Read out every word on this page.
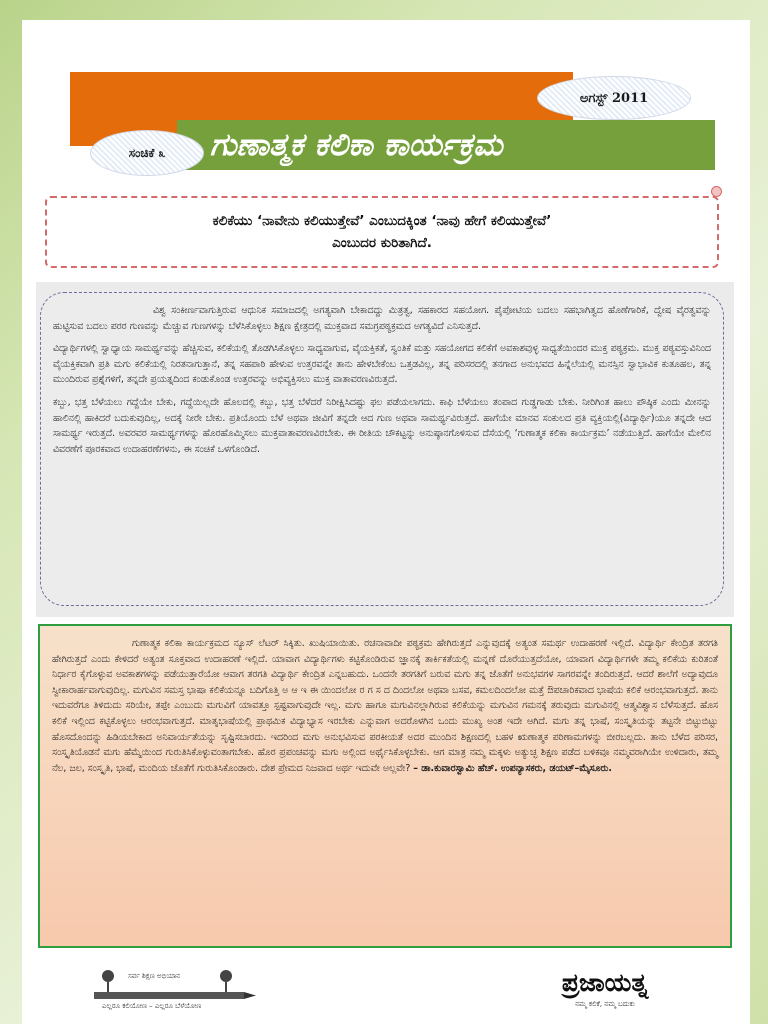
ಗುಣಾತ್ಮಕ ಕಲಿಕಾ ಕಾರ್ಯಕ್ರಮ
ಅಗಸ್ಟ್ 2011
ಸಂಚಿಕೆ ೩
ಕಲಿಕೆಯು ‘ನಾವೇನು ಕಲಿಯುತ್ತೇವೆ’ ಎಂಬುದಕ್ಕಿಂತ ‘ನಾವು ಹೇಗೆ ಕಲಿಯುತ್ತೇವೆ’
ಎಂಬುದರ ಕುರಿತಾಗಿದೆ.

ವಿಶ್ವ ಸಂಕೀರ್ಣವಾಗುತ್ತಿರುವ ಆಧುನಿಕ ಸಮಾಜದಲ್ಲಿ ಅಗತ್ಯವಾಗಿ ಬೇಕಾದದ್ದು ಮಿತ್ರತ್ವ, ಸಹಕಾರದ ಸಹಯೋಗ. ಪೈಪೋಟಿಯ ಬದಲು ಸಹಭಾಗಿತ್ವದ ಹೊಣೆಗಾರಿಕೆ, ದ್ವೇಷ ವೈರತ್ವವನ್ನು ಹುಟ್ಟಿಸುವ ಬದಲು ಪರರ ಗುಣವನ್ನು ಮೆಚ್ಚುವ ಗುಣಗಳನ್ನು ಬೆಳೆಸಿಕೊಳ್ಳಲು ಶಿಕ್ಷಣ ಕ್ಷೇತ್ರದಲ್ಲಿ ಮುಕ್ತವಾದ ಸಮಗ್ರಪಠ್ಯಕ್ರಮದ ಅಗತ್ಯವಿದೆ ಎನಿಸುತ್ತದೆ.

ವಿದ್ಯಾರ್ಥಿಗಳಲ್ಲಿ ಸ್ವಾಧ್ಯಾಯ ಸಾಮರ್ಥ್ಯವನ್ನು ಹೆಚ್ಚಿಸುವ, ಕಲಿಕೆಯಲ್ಲಿ ತೊಡಗಿಸಿಕೊಳ್ಳಲು ಸಾಧ್ಯವಾಗುವ, ವೈಯಕ್ತಿಕತೆ, ಸ್ವಂತಿಕೆ ಮತ್ತು ಸಹಯೋಗದ ಕಲಿಕೆಗೆ ಅವಕಾಶವುಳ್ಳ ಸಾಧ್ಯತೆಯಿಂದರ ಮುಕ್ತ ಪಠ್ಯಕ್ರಮ. ಮುಕ್ತ ಪಠ್ಯವಸ್ತುವಿನಿಂದ ವೈಯಕ್ತಿಕವಾಗಿ ಪ್ರತಿ ಮಗು ಕಲಿಕೆಯಲ್ಲಿ ನಿರತನಾಗುತ್ತಾನೆ, ತನ್ನ ಸಹಪಾಠಿ ಹೇಳುವ ಉತ್ತರವನ್ನೇ ತಾನು ಹೇಳಬೇಕೆಂಬ ಒತ್ತಡವಿಲ್ಲ, ತನ್ನ ಪರಿಸರದಲ್ಲಿ ತನಗಾದ ಅನುಭವದ ಹಿನ್ನೆಲೆಯಲ್ಲಿ ಮನಸ್ಸಿನ ಸ್ವಾಭಾವಿಕ ಕುತೂಹಲ, ತನ್ನ ಮುಂದಿರುವ ಪ್ರಶ್ನೆಗಳಿಗೆ, ತನ್ನದೇ ಪ್ರಯತ್ನದಿಂದ ಕಂಡುಕೊಂಡ ಉತ್ತರವನ್ನು ಅಭಿವ್ಯಕ್ತಿಸಲು ಮುಕ್ತ ವಾತಾವರಣವಿರುತ್ತದೆ.

ಕಬ್ಬು, ಭತ್ತ ಬೆಳೆಯಲು ಗದ್ದೆಯೇ ಬೇಕು, ಗದ್ದೆಯಿಲ್ಲದೇ ಹೊಲದಲ್ಲಿ ಕಬ್ಬು, ಭತ್ತ ಬೆಳೆದರೆ ನಿರೀಕ್ಷಿಸಿದಷ್ಟು ಫಲ ಪಡೆಯಲಾಗದು. ಕಾಫಿ ಬೆಳೆಯಲು ತಂಪಾದ ಗುಡ್ಡಗಾಡು ಬೇಕು. ನೀರಿಗಿಂತ ಹಾಲು ಪೌಷ್ಠಿಕ ಎಂದು ಮೀನನ್ನು ಹಾಲಿನಲ್ಲಿ ಹಾಕಿದರೆ ಬದುಕುವುದಿಲ್ಲ, ಅದಕ್ಕೆ ನೀರೇ ಬೇಕು. ಪ್ರತಿಯೊಂದು ಬೆಳೆ ಅಥವಾ ಜೀವಿಗೆ ತನ್ನದೇ ಆದ ಗುಣ ಅಥವಾ ಸಾಮರ್ಥ್ಯವಿರುತ್ತದೆ. ಹಾಗೆಯೇ ಮಾನವ ಸಂಕುಲದ ಪ್ರತಿ ವ್ಯಕ್ತಿಯಲ್ಲಿ(ವಿದ್ಯಾರ್ಥಿ)ಯೂ ತನ್ನದೇ ಆದ ಸಾಮರ್ಥ್ಯ ಇರುತ್ತದೆ. ಅವರವರ ಸಾಮರ್ಥ್ಯಗಳನ್ನು ಹೊರಹೊಮ್ಮಿಸಲು ಮುಕ್ತವಾತಾವರಣವಿರಬೇಕು. ಈ ರೀತಿಯ ಚೌಕಟ್ಟನ್ನು ಅನುಷ್ಠಾನಗೊಳಿಸುವ ದೆಸೆಯಲ್ಲಿ ‘ಗುಣಾತ್ಮಕ ಕಲಿಕಾ ಕಾರ್ಯಕ್ರಮ’ ನಡೆಯುತ್ತಿದೆ. ಹಾಗೆಯೇ ಮೇಲಿನ ವಿವರಣೆಗೆ ಪೂರಕವಾದ ಉದಾಹರಣೆಗಳನು, ಈ ಸಂಚಿಕೆ ಒಳಗೊಂಡಿದೆ.

ಗುಣಾತ್ಮಕ ಕಲಿಕಾ ಕಾರ್ಯಕ್ರಮದ ನ್ಯೂಸ್ ಲೆಟರ್ ಸಿಕ್ಕಿತು. ಖುಷಿಯಾಯಿತು. ರಚನಾವಾದೀ ಪಠ್ಯಕ್ರಮ ಹೇಗಿರುತ್ತದೆ ಎನ್ನುವುದಕ್ಕೆ ಅತ್ಯಂತ ಸಮರ್ಥ ಉದಾಹರಣೆ ಇಲ್ಲಿದೆ. ವಿದ್ಯಾರ್ಥಿ ಕೇಂದ್ರಿತ ತರಗತಿ ಹೇಗಿರುತ್ತದೆ ಎಂದು ಕೇಳಿದರೆ ಅತ್ಯಂತ ಸೂಕ್ತವಾದ ಉದಾಹರಣೆ ಇಲ್ಲಿದೆ. ಯಾವಾಗ ವಿದ್ಯಾರ್ಥಿಗಳು ಕಟ್ಟಿಕೊಂಡಿರುವ ಜ್ಞಾನಕ್ಕೆ ತಾರ್ಕಿಕತೆಯಲ್ಲಿ ಮನ್ನಣೆ ದೊರೆಯುತ್ತದೆಯೋ, ಯಾವಾಗ ವಿದ್ಯಾರ್ಥಿಗಳೇ ತಮ್ಮ ಕಲಿಕೆಯ ಕುರಿತಂತೆ ನಿರ್ಧಾರ ಕೈಗೊಳ್ಳುವ ಅವಕಾಶಗಳನ್ನು ಪಡೆಯುತ್ತಾರೆಯೋ ಆವಾಗ ತರಗತಿ ವಿದ್ಯಾರ್ಥಿ ಕೇಂದ್ರಿತ ಎನ್ನಬಹುದು. ಒಂದನೇ ತರಗತಿಗೆ ಬರುವ ಮಗು ತನ್ನ ಜೊತೆಗೆ ಅನುಭವಗಳ ಸಾಗರವನ್ನೇ ತಂದಿರುತ್ತದೆ. ಆದರೆ ಶಾಲೆಗೆ ಅದ್ಯಾವುದೂ ಸ್ವೀಕಾರಾರ್ಹವಾಗುವುದಿಲ್ಲ. ಮಗುವಿನ ಸಮಸ್ತ ಭಾಷಾ ಕಲಿಕೆಯನ್ನೂ ಬದಿಗೊತ್ತಿ ಅ ಆ ಇ ಈ ಯಿಂದಲೋ ರ ಗ ಸ ದ ದಿಂದಲೋ ಅಥವಾ ಬಸವ, ಕಮಲದಿಂದಲೋ ಮತ್ತೆ ಔಪಚಾರಿಕವಾದ ಭಾಷೆಯ ಕಲಿಕೆ ಆರಂಭವಾಗುತ್ತದೆ. ತಾನು ಇದುವರೆಗೂ ತಿಳಿದುದು ಸರಿಯೇ, ತಪ್ಪೇ ಎಂಬುದು ಮಗುವಿಗೆ ಯಾವತ್ತೂ ಸ್ಪಷ್ಟವಾಗುವುದೇ ಇಲ್ಲ. ಮಗು ಹಾಗೂ ಮಗುವಿನಲ್ಲಾಗಿರುವ ಕಲಿಕೆಯನ್ನು ಮಗುವಿನ ಗಮನಕ್ಕೆ ತರುವುದು ಮಗುವಿನಲ್ಲಿ ಆತ್ಮವಿಶ್ವಾಸ ಬೆಳೆಸುತ್ತದೆ. ಹೊಸ ಕಲಿಕೆ ಇಲ್ಲಿಂದ ಕಟ್ಟಿಕೊಳ್ಳಲು ಆರಂಭವಾಗುತ್ತದೆ. ಮಾತೃಭಾಷೆಯಲ್ಲಿ ಪ್ರಾಥಮಿಕ ವಿದ್ಯಾಭ್ಯಾಸ ಇರಬೇಕು ಎನ್ನುವಾಗ ಅದರೊಳಗಿನ ಒಂದು ಮುಖ್ಯ ಅಂಶ ಇದೇ ಆಗಿದೆ. ಮಗು ತನ್ನ ಭಾಷೆ, ಸಂಸ್ಕೃತಿಯನ್ನು ತಟ್ಟನೇ ಬಿಟ್ಟುಬಿಟ್ಟು ಹೊಸದೊಂದನ್ನು ಹಿಡಿಯಬೇಕಾದ ಅನಿವಾರ್ಯತೆಯನ್ನು ಸೃಷ್ಟಿಸಬಾರದು. ಇದರಿಂದ ಮಗು ಅನುಭವಿಸುವ ಪರಕೀಯತೆ ಅದರ ಮುಂದಿನ ಶಿಕ್ಷಣದಲ್ಲಿ ಬಹಳ ಋಣಾತ್ಮಕ ಪರಿಣಾಮಗಳನ್ನು ಬೀರಬಲ್ಲದು. ತಾನು ಬೆಳೆದ ಪರಿಸರ, ಸಂಸ್ಕೃತಿಯೊಡನೆ ಮಗು ಹೆಮ್ಮೆಯಿಂದ ಗುರುತಿಸಿಕೊಳ್ಳುವಂತಾಗಬೇಕು. ಹೊರ ಪ್ರಪಂಚವನ್ನು ಮಗು ಅಲ್ಲಿಂದ ಅರ್ಥೈಸಿಕೊಳ್ಳಬೇಕು. ಆಗ ಮಾತ್ರ ನಮ್ಮ ಮಕ್ಕಳು ಅತ್ಯುಚ್ಛ ಶಿಕ್ಷಣ ಪಡೆದ ಬಳಿಕವೂ ನಮ್ಮವರಾಗಿಯೇ ಉಳಿದಾರು, ತಮ್ಮ ನೆಲ, ಜಲ, ಸಂಸ್ಕೃತಿ, ಭಾಷೆ, ಮಂದಿಯ ಜೊತೆಗೆ ಗುರುತಿಸಿಕೊಂಡಾರು. ದೇಶ ಪ್ರೇಮದ ನಿಜವಾದ ಅರ್ಥ ಇದುವೇ ಅಲ್ಲವೇ? – ಡಾ.ಕುವಾರಸ್ವಾಮಿ ಹೆಚ್. ಉಪನ್ಯಾಸಕರು, ಡಯಟ್–ಮೈಸೂರು.

ಸರ್ವ ಶಿಕ್ಷಣ ಅಭಿಯಾನ
ಎಲ್ಲರೂ ಕಲಿಯೋಣ – ಎಲ್ಲರೂ ಬೆಳೆಯೋಣ
ಪ್ರಜಾಯತ್ನ
ನಮ್ಮ ಕಲಿಕೆ, ನಮ್ಮ ಬದುಕು
